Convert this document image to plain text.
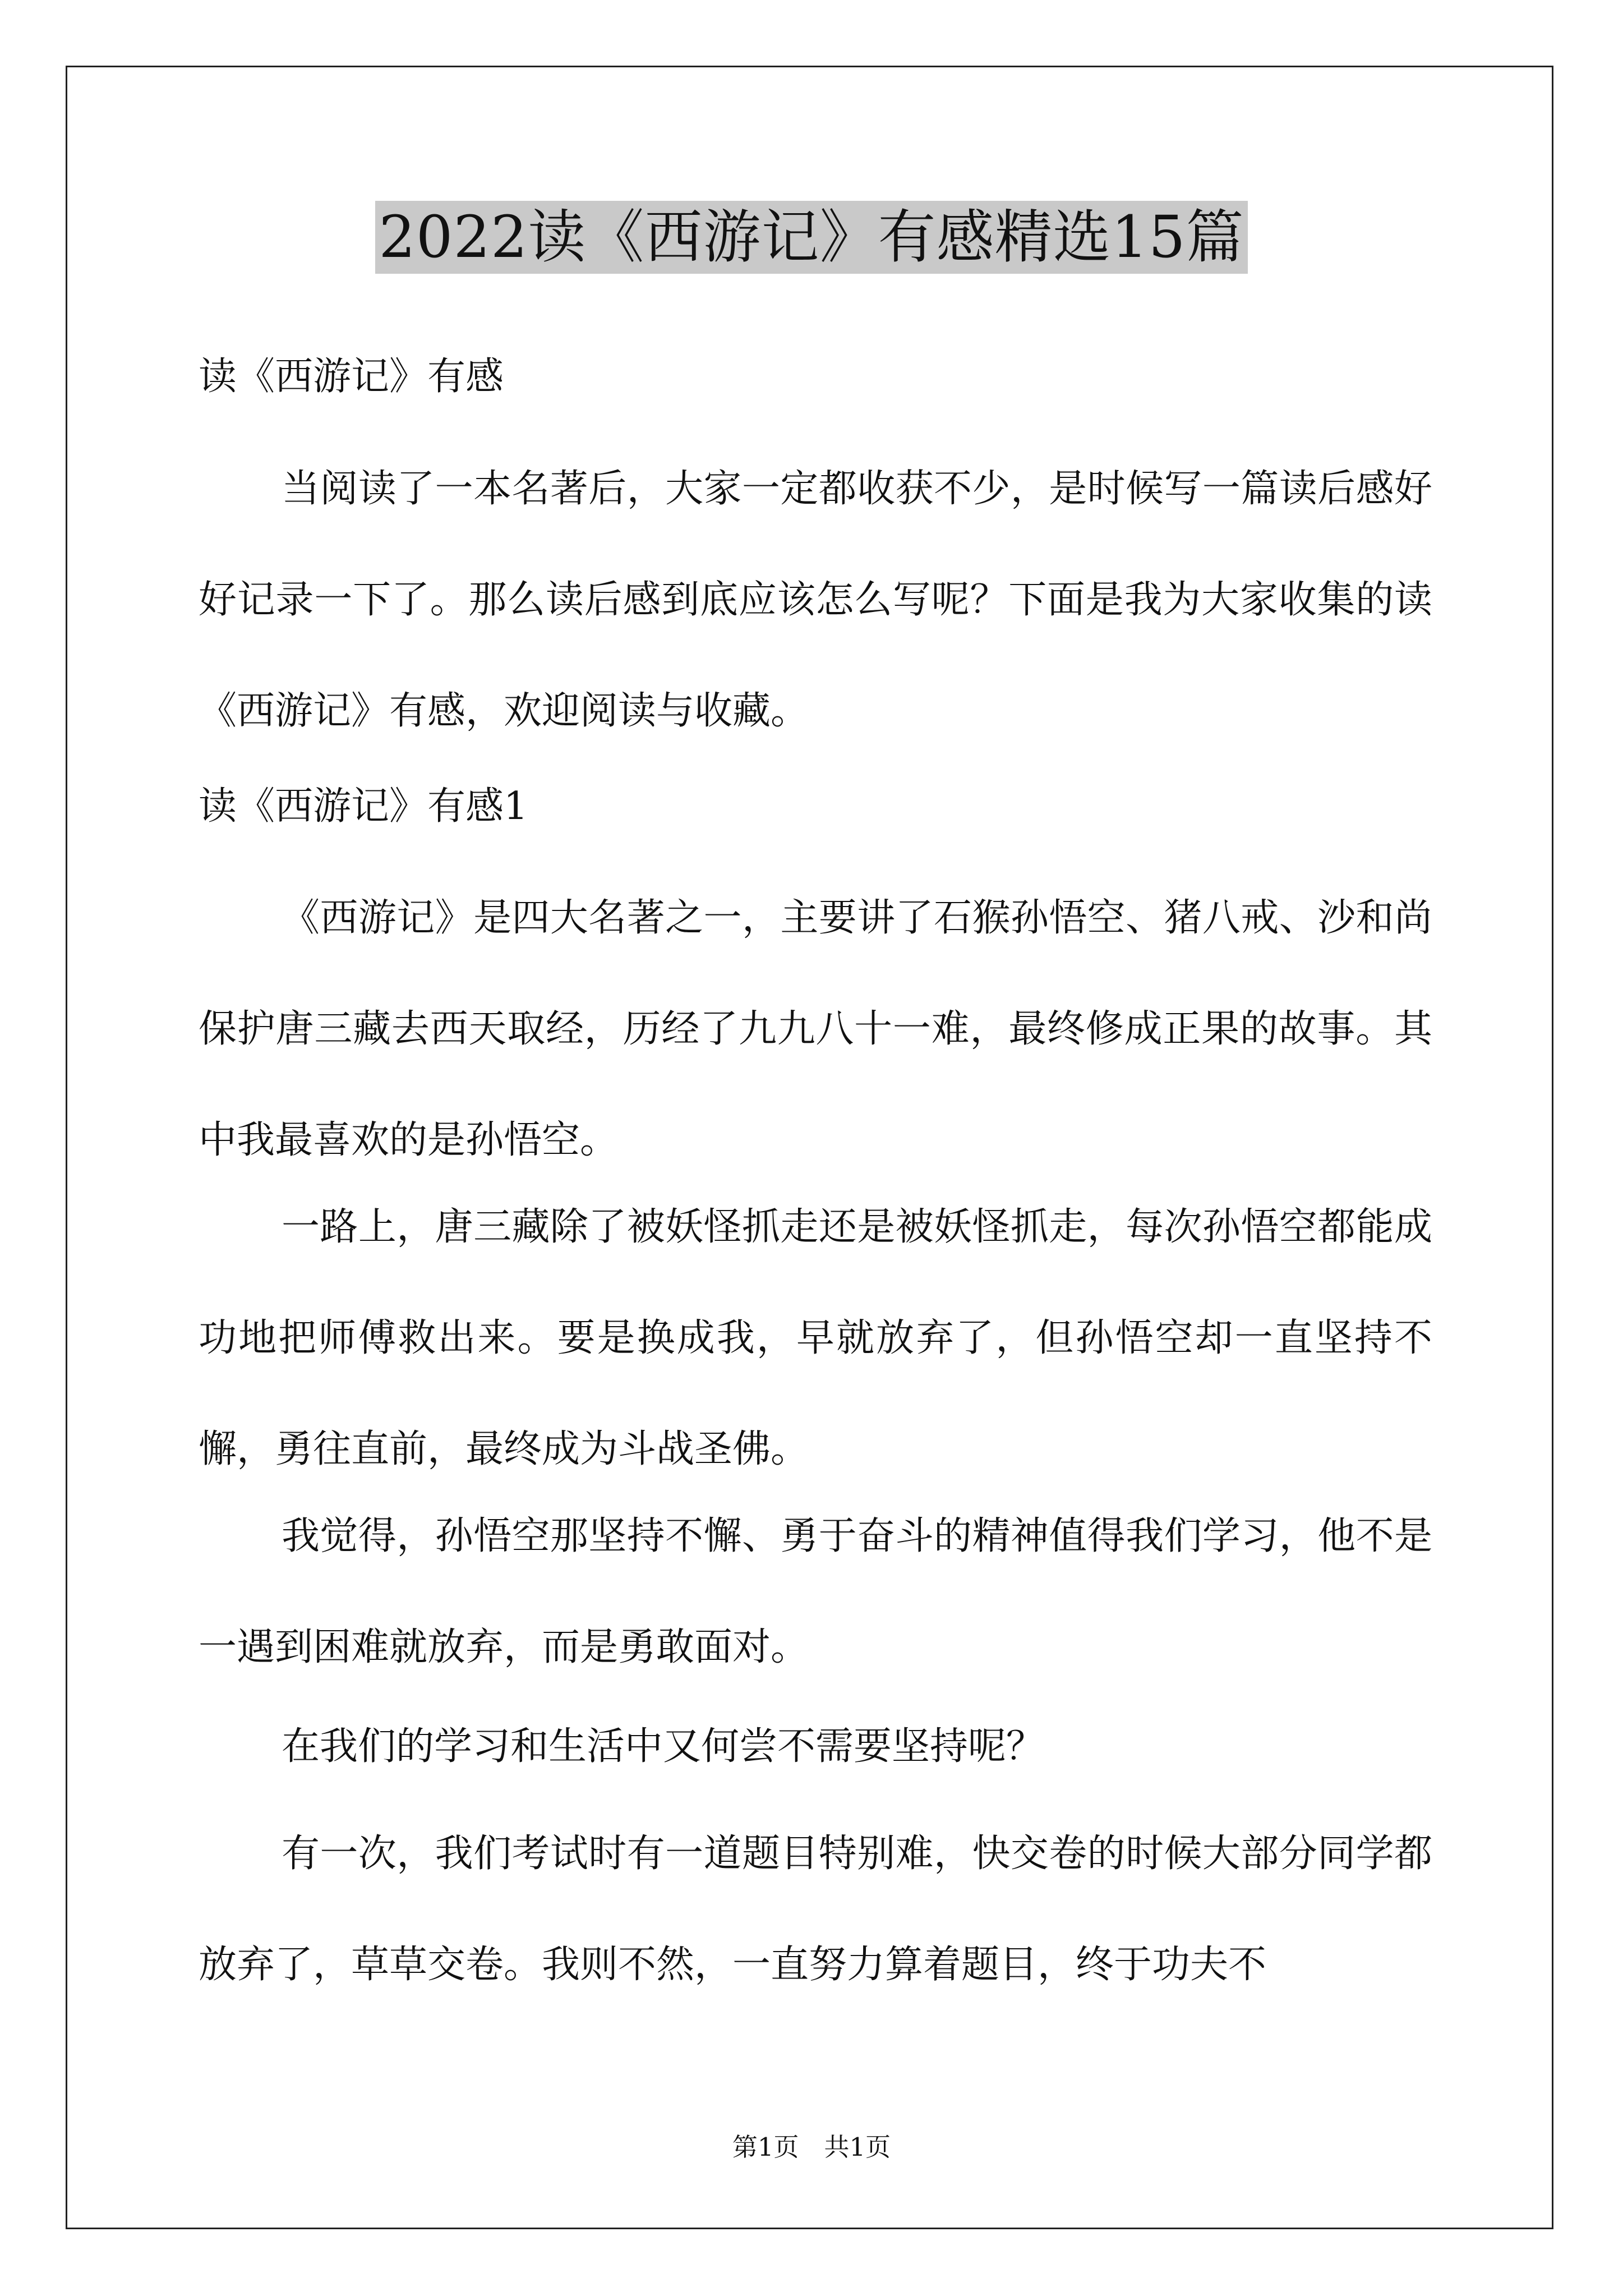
2022读《西游记》有感精选15篇
读《西游记》有感

当阅读了一本名著后，大家一定都收获不少，是时候写一篇读后感好好记录一下了。那么读后感到底应该怎么写呢？下面是我为大家收集的读《西游记》有感，欢迎阅读与收藏。

读《西游记》有感1

《西游记》是四大名著之一，主要讲了石猴孙悟空、猪八戒、沙和尚保护唐三藏去西天取经，历经了九九八十一难，最终修成正果的故事。其中我最喜欢的是孙悟空。

一路上，唐三藏除了被妖怪抓走还是被妖怪抓走，每次孙悟空都能成功地把师傅救出来。要是换成我，早就放弃了，但孙悟空却一直坚持不懈，勇往直前，最终成为斗战圣佛。

我觉得，孙悟空那坚持不懈、勇于奋斗的精神值得我们学习，他不是一遇到困难就放弃，而是勇敢面对。

在我们的学习和生活中又何尝不需要坚持呢？

有一次，我们考试时有一道题目特别难，快交卷的时候大部分同学都放弃了，草草交卷。我则不然，一直努力算着题目，终于功夫不

第1页　共1页
